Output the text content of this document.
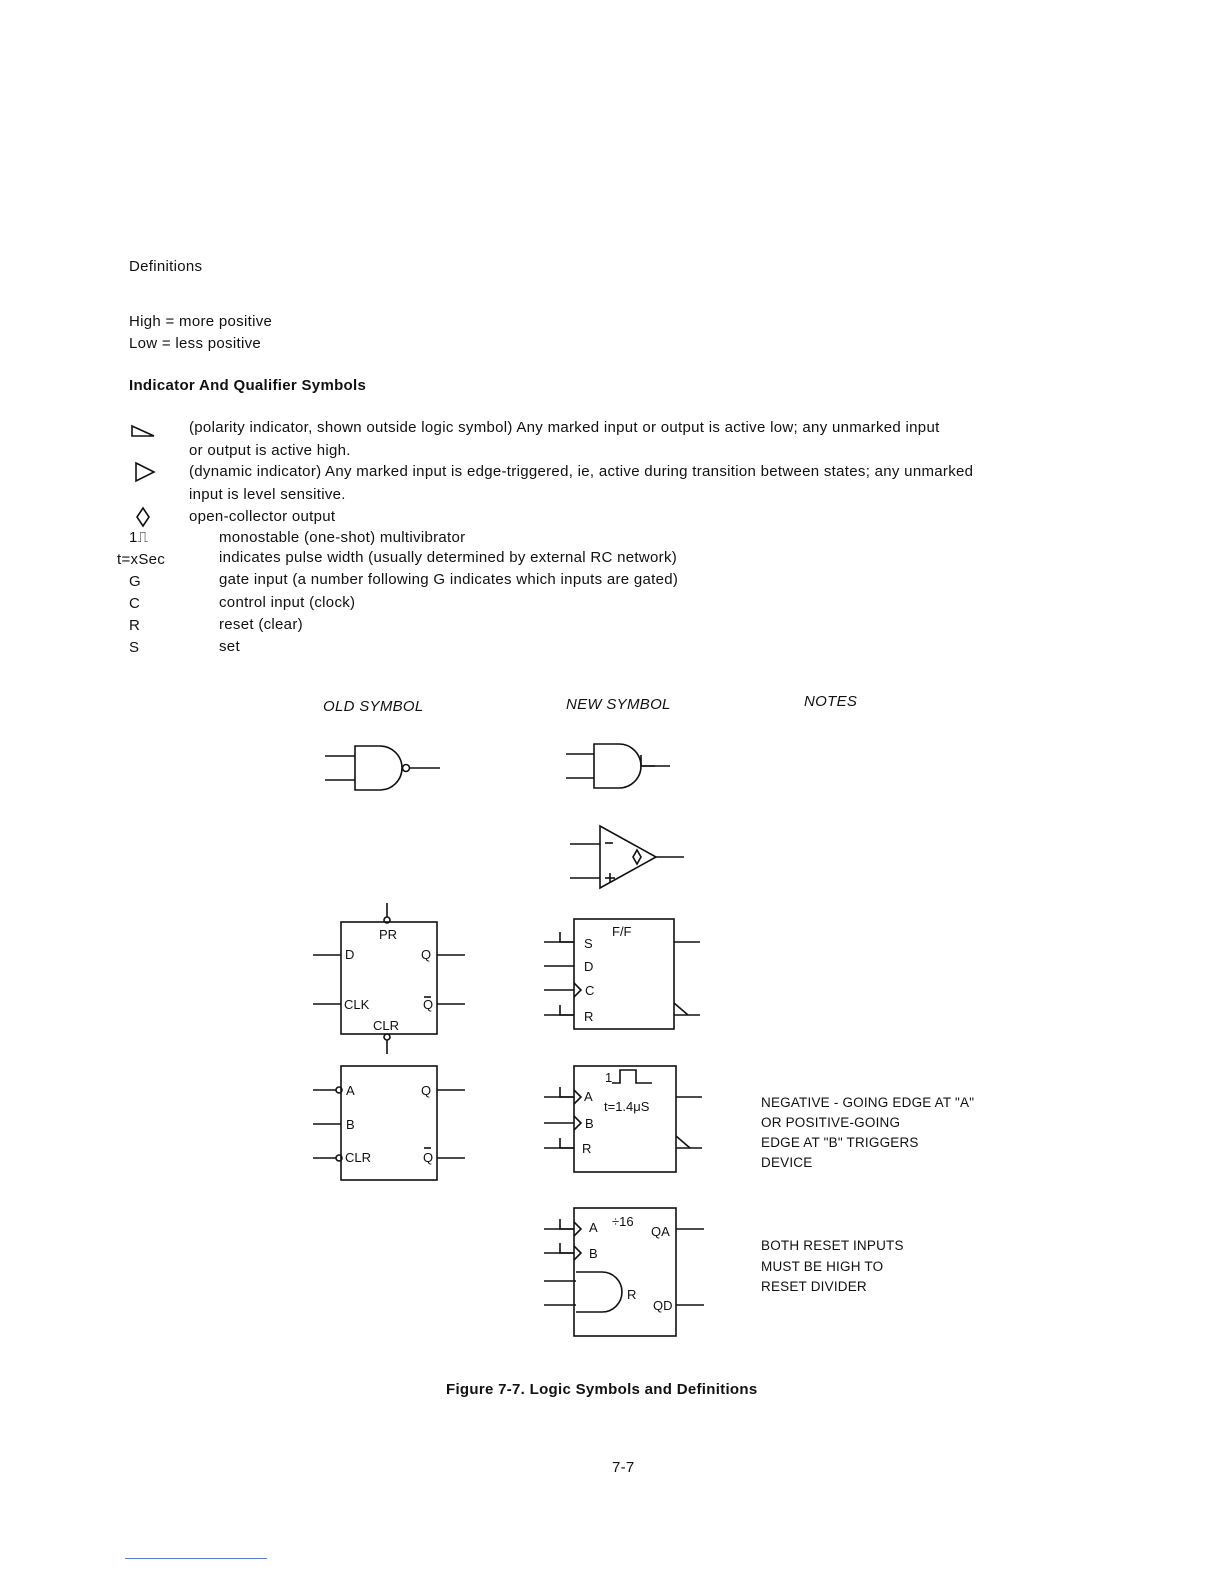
Definitions
High = more positive
Low = less positive
Indicator And Qualifier Symbols
(polarity indicator, shown outside logic symbol) Any marked input or output is active low; any unmarked input
or output is active high.
(dynamic indicator) Any marked input is edge-triggered, ie, active during transition between states; any unmarked
input is level sensitive.
open-collector output
1⎍	monostable (one-shot) multivibrator
t=xSec	indicates pulse width (usually determined by external RC network)
G	gate input (a number following G indicates which inputs are gated)
C	control input (clock)
R	reset (clear)
S	set
OLD SYMBOL	NEW SYMBOL	NOTES
PR
D	Q
CLK	Q
CLR
A	Q
B
CLR	Q
F/F
S
D
C
R
1
A
t=1.4μS
B
R
A ÷16
QA
B
R
QD
NEGATIVE - GOING EDGE AT "A"
OR POSITIVE-GOING
EDGE AT "B" TRIGGERS
DEVICE
BOTH RESET INPUTS
MUST BE HIGH TO
RESET DIVIDER
Figure 7-7. Logic Symbols and Definitions
7-7
